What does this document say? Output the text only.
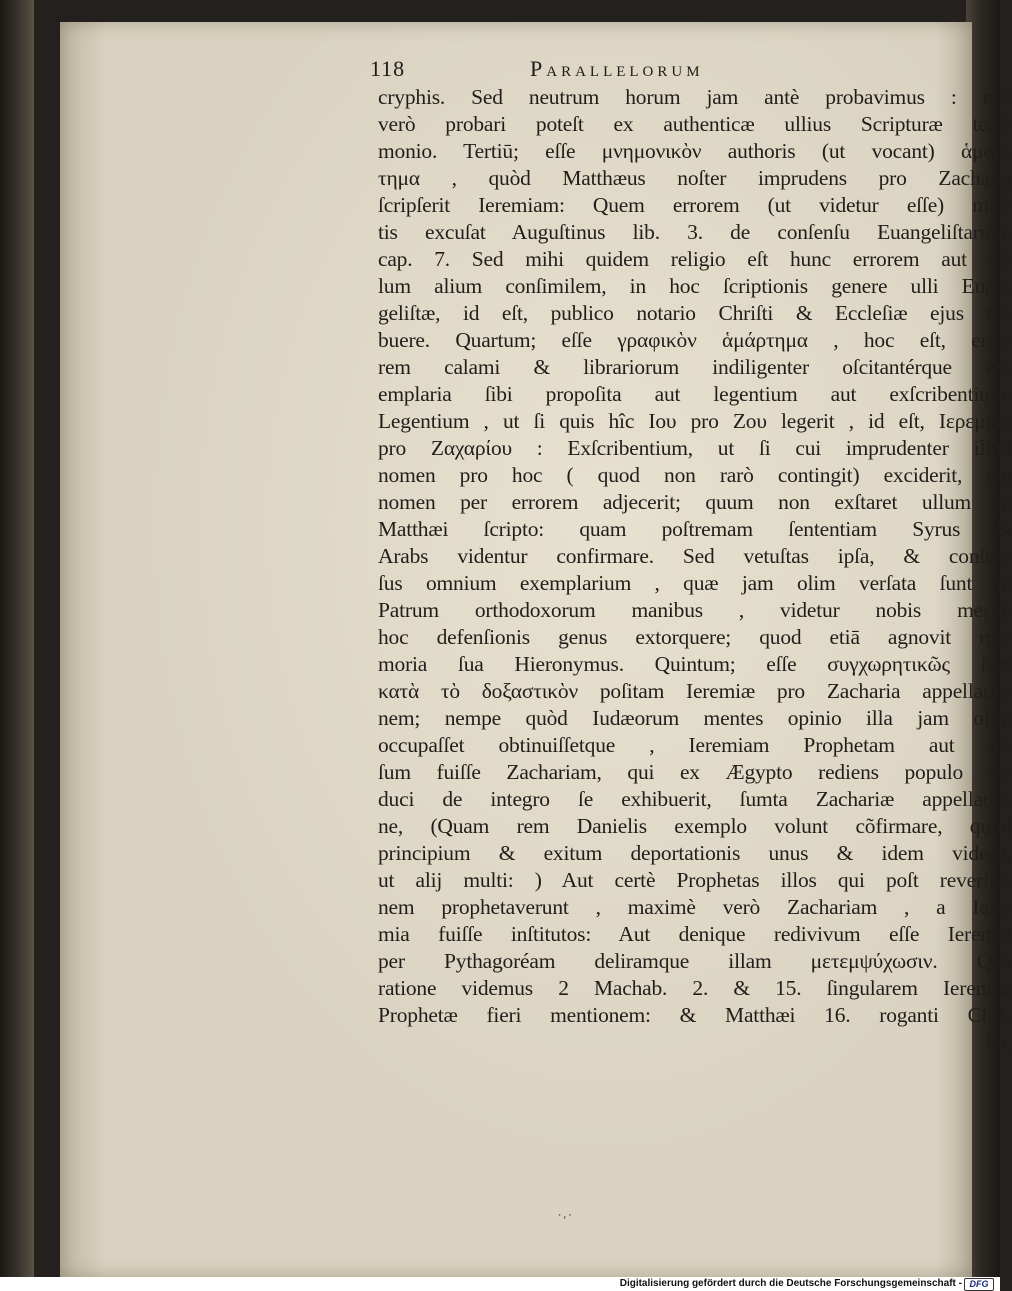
118	Parallelorum
cryphis. Sed neutrum horum jam antè probavimus : nec
verò probari poteſt ex authenticæ ullius Scripturæ teſti-
monio. Tertiū; eſſe μνημονικὸν authoris (ut vocant) ἁμάρ-
τημα , quòd Matthæus noſter imprudens pro Zacharia
ſcripſerit Ieremiam: Quem errorem (ut videtur eſſe) mul-
tis excuſat Auguſtinus lib. 3. de conſenſu Euangeliſtarum,
cap. 7. Sed mihi quidem religio eſt hunc errorem aut ul-
lum alium conſimilem, in hoc ſcriptionis genere ulli Euan-
geliſtæ, id eſt, publico notario Chriſti & Eccleſiæ ejus tri-
buere. Quartum; eſſe γραφικὸν ἁμάρτημα , hoc eſt, erro-
rem calami & librariorum indiligenter oſcitantérque ex-
emplaria ſibi propoſita aut legentium aut exſcribentium:
Legentium , ut ſi quis hîc Ιου pro Ζου legerit , id eſt, Ιερεμίου
pro Ζαχαρίου : Exſcribentium, ut ſi cui imprudenter illud
nomen pro hoc ( quod non rarò contingit) exciderit, aut
nomen per errorem adjecerit; quum non exſtaret ullum in
Matthæi ſcripto: quam poſtremam ſententiam Syrus &
Arabs videntur confirmare. Sed vetuſtas ipſa, & conſen-
ſus omnium exemplarium , quæ jam olim verſata ſunt in
Patrum orthodoxorum manibus , videtur nobis meritò
hoc defenſionis genus extorquere; quod etiā agnovit me-
moria ſua Hieronymus. Quintum; eſſe συγχωρητικῶς ſive
κατὰ τὸ δοξαστικὸν poſitam Ieremiæ pro Zacharia appellatio-
nem; nempe quòd Iudæorum mentes opinio illa jam olim
occupaſſet obtinuiſſetque , Ieremiam Prophetam aut ip-
ſum fuiſſe Zachariam, qui ex Ægypto rediens populo re-
duci de integro ſe exhibuerit, ſumta Zachariæ appellatio-
ne, (Quam rem Danielis exemplo volunt cõfirmare, quòd
principium & exitum deportationis unus & idem viderit,
ut alij multi: ) Aut certè Prophetas illos qui poſt reverſio-
nem prophetaverunt , maximè verò Zachariam , a Iere-
mia fuiſſe inſtitutos: Aut denique redivivum eſſe Ieremiā
per Pythagoréam deliramque illam μετεμψύχωσιν. Qua
ratione videmus 2 Machab. 2. & 15. ſingularem Ieremiæ
Prophetæ fieri mentionem: & Matthæi 16. roganti Chri-
ſto,
⸱⸴⸱
Digitalisierung gefördert durch die Deutsche Forschungsgemeinschaft - DFG
